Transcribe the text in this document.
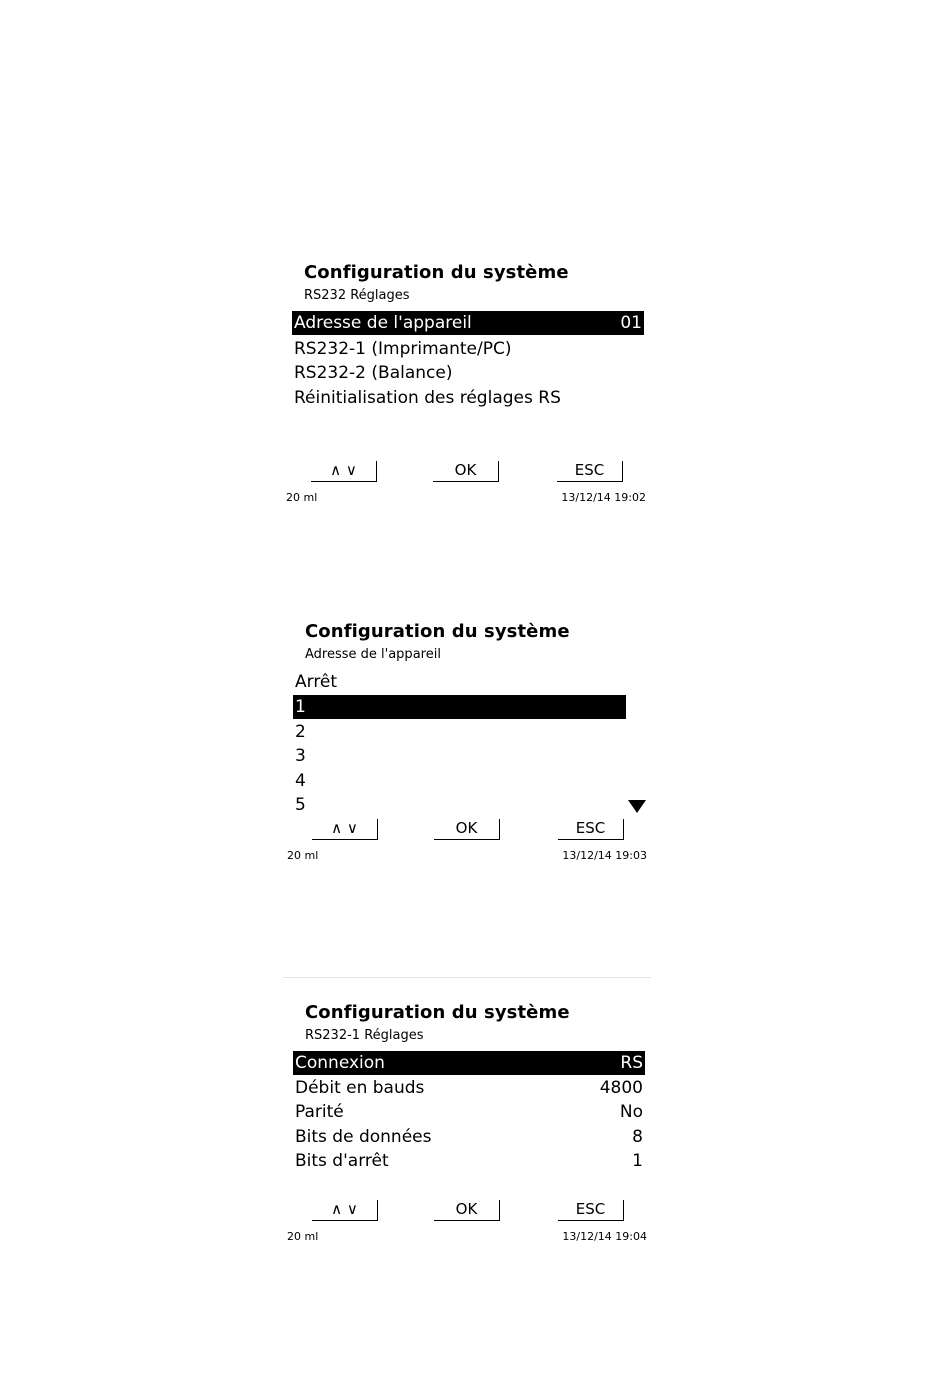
Configuration du système
RS232 Réglages
Adresse de l'appareil	01
RS232-1 (Imprimante/PC)
RS232-2 (Balance)
Réinitialisation des réglages RS
∧ ∨	OK	ESC
20 ml	13/12/14 19:02
Configuration du système
Adresse de l'appareil
Arrêt
1
2
3
4
5
∧ ∨	OK	ESC
20 ml	13/12/14 19:03
Configuration du système
RS232-1 Réglages
Connexion	RS
Débit en bauds	4800
Parité	No
Bits de données	8
Bits d'arrêt	1
∧ ∨	OK	ESC
20 ml	13/12/14 19:04
